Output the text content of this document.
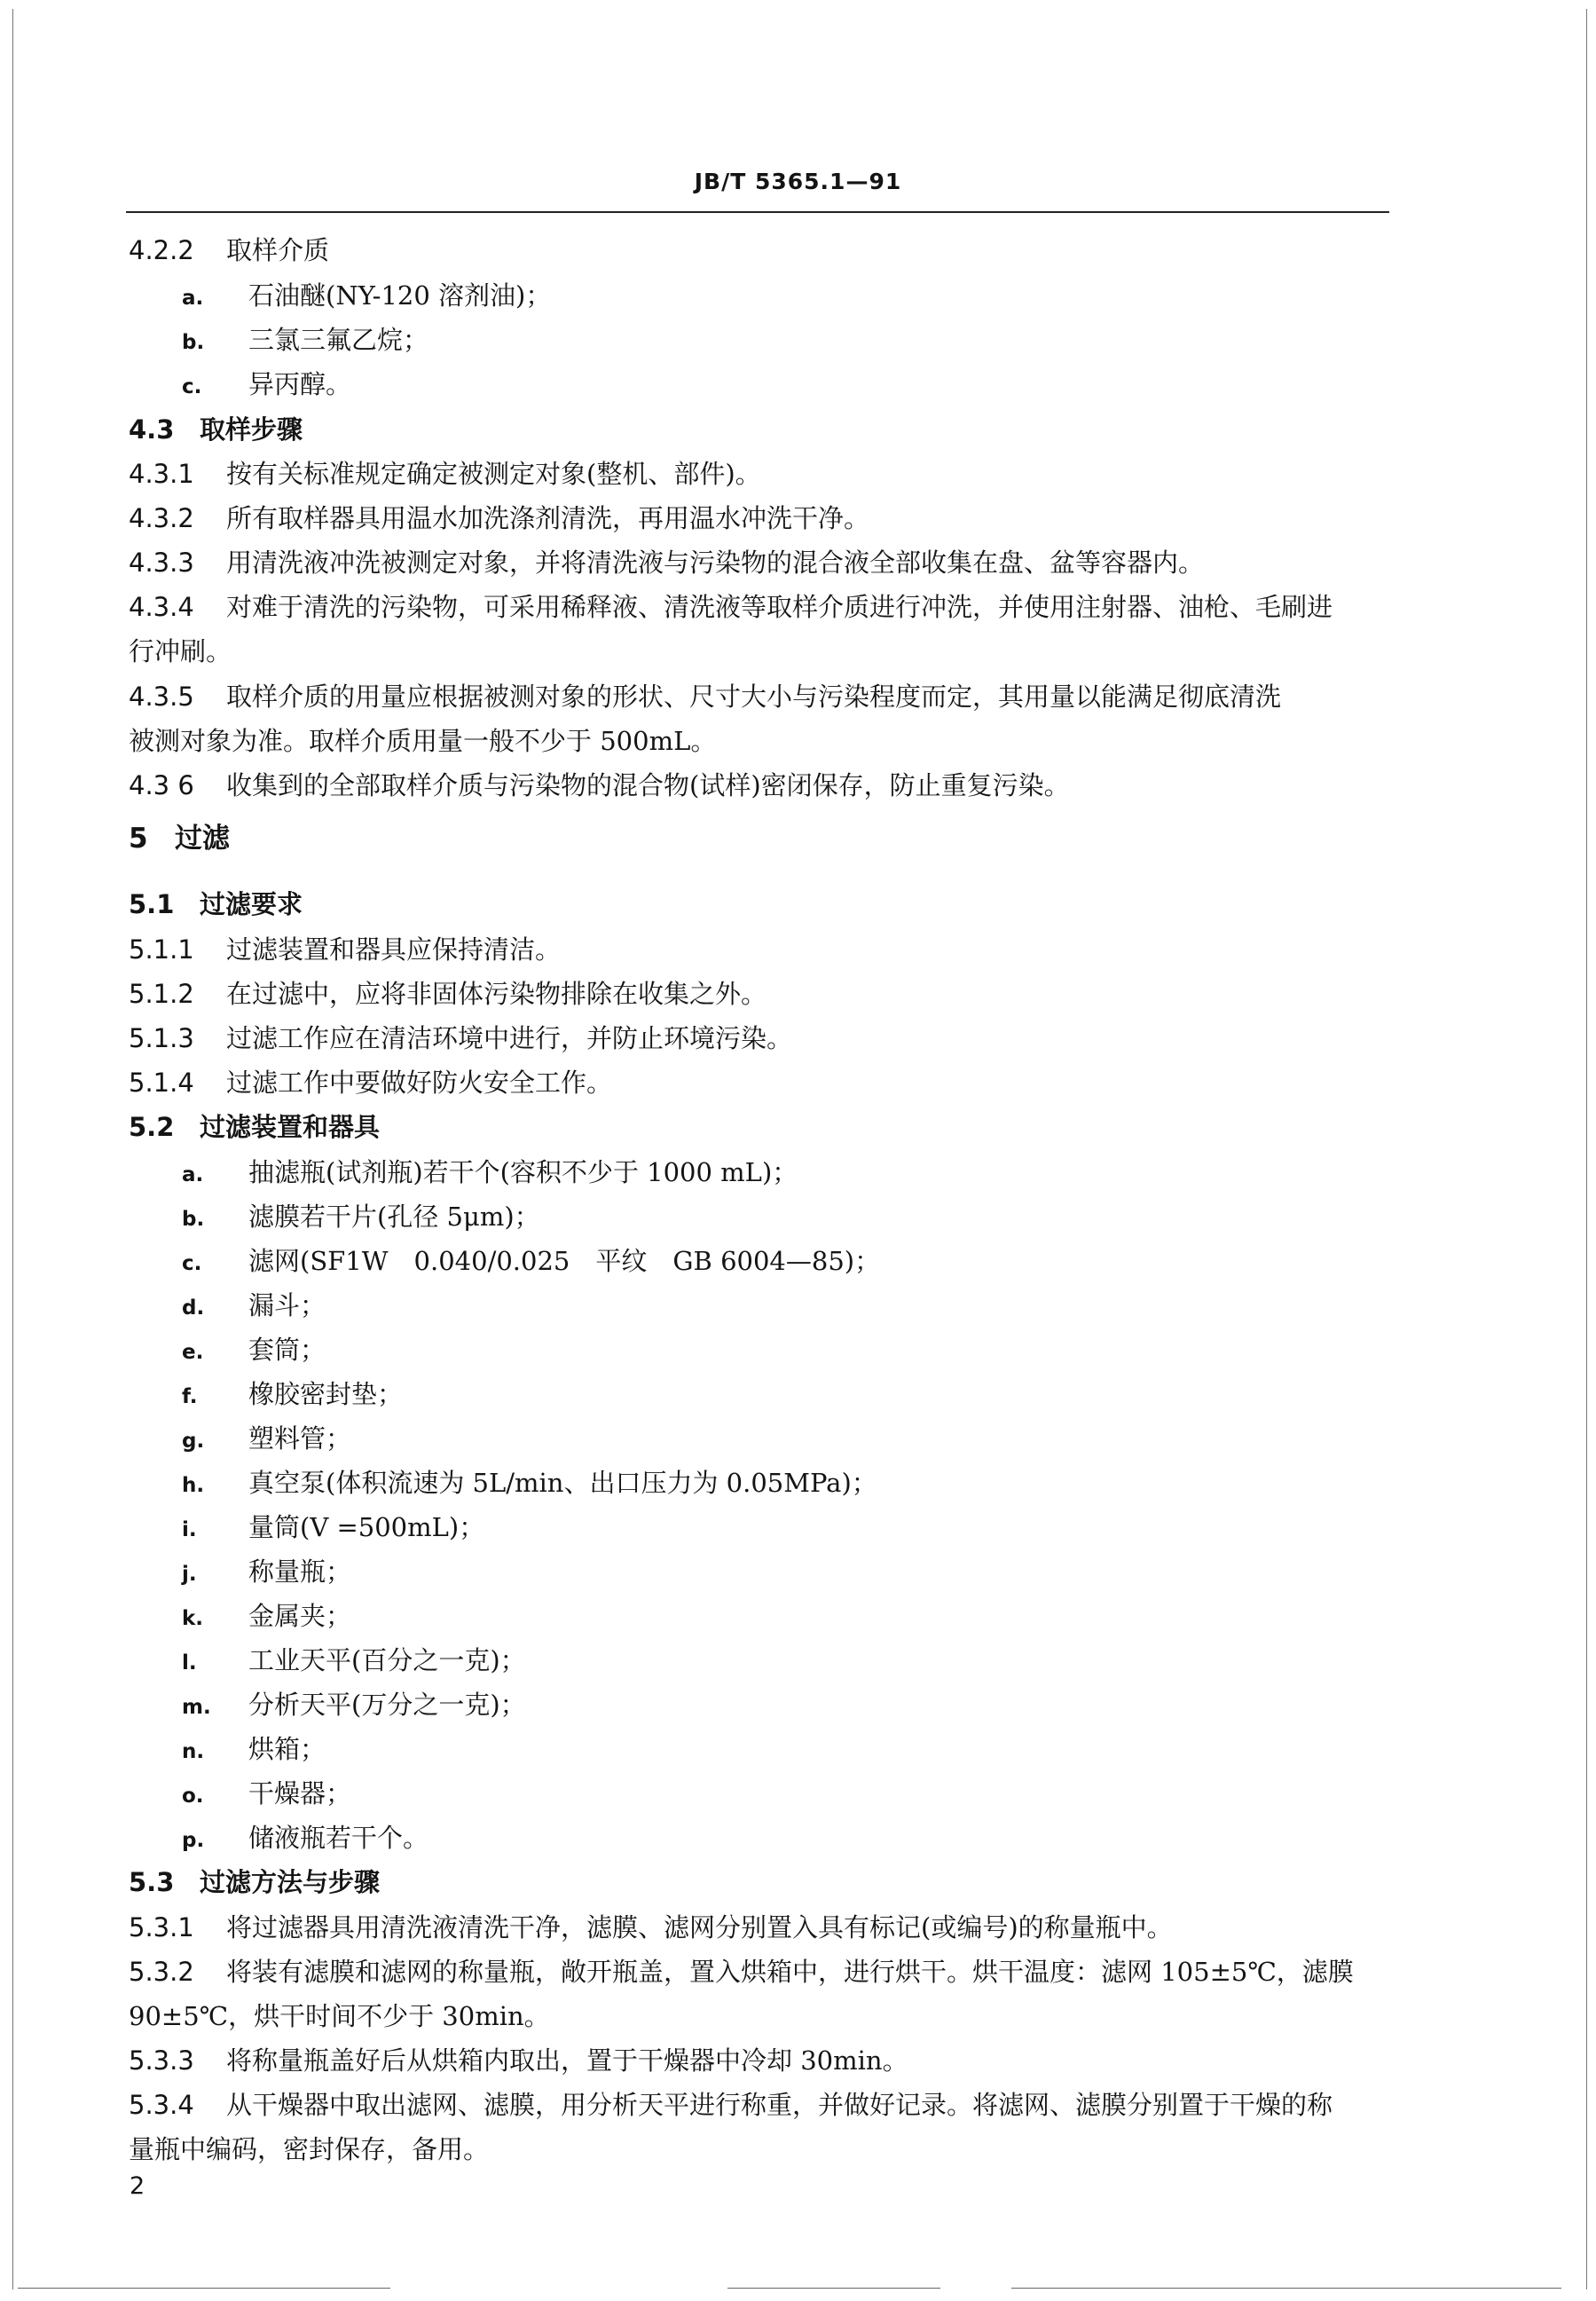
JB/T 5365.1—91
4.2.2 取样介质
a. 石油醚(NY-120 溶剂油)；
b. 三氯三氟乙烷；
c. 异丙醇。
4.3 取样步骤
4.3.1 按有关标准规定确定被测定对象(整机、部件)。
4.3.2 所有取样器具用温水加洗涤剂清洗，再用温水冲洗干净。
4.3.3 用清洗液冲洗被测定对象，并将清洗液与污染物的混合液全部收集在盘、盆等容器内。
4.3.4 对难于清洗的污染物，可采用稀释液、清洗液等取样介质进行冲洗，并使用注射器、油枪、毛刷进
行冲刷。
4.3.5 取样介质的用量应根据被测对象的形状、尺寸大小与污染程度而定，其用量以能满足彻底清洗
被测对象为准。取样介质用量一般不少于 500mL。
4.3 6 收集到的全部取样介质与污染物的混合物(试样)密闭保存，防止重复污染。
5 过滤
5.1 过滤要求
5.1.1 过滤装置和器具应保持清洁。
5.1.2 在过滤中，应将非固体污染物排除在收集之外。
5.1.3 过滤工作应在清洁环境中进行，并防止环境污染。
5.1.4 过滤工作中要做好防火安全工作。
5.2 过滤装置和器具
a. 抽滤瓶(试剂瓶)若干个(容积不少于 1000 mL)；
b. 滤膜若干片(孔径 5μm)；
c. 滤网(SF1W　0.040/0.025　平纹　GB 6004—85)；
d. 漏斗；
e. 套筒；
f. 橡胶密封垫；
g. 塑料管；
h. 真空泵(体积流速为 5L/min、出口压力为 0.05MPa)；
i. 量筒(V =500mL)；
j. 称量瓶；
k. 金属夹；
l. 工业天平(百分之一克)；
m. 分析天平(万分之一克)；
n. 烘箱；
o. 干燥器；
p. 储液瓶若干个。
5.3 过滤方法与步骤
5.3.1 将过滤器具用清洗液清洗干净，滤膜、滤网分别置入具有标记(或编号)的称量瓶中。
5.3.2 将装有滤膜和滤网的称量瓶，敞开瓶盖，置入烘箱中，进行烘干。烘干温度：滤网 105±5℃，滤膜
90±5℃，烘干时间不少于 30min。
5.3.3 将称量瓶盖好后从烘箱内取出，置于干燥器中冷却 30min。
5.3.4 从干燥器中取出滤网、滤膜，用分析天平进行称重，并做好记录。将滤网、滤膜分别置于干燥的称
量瓶中编码，密封保存，备用。
2
